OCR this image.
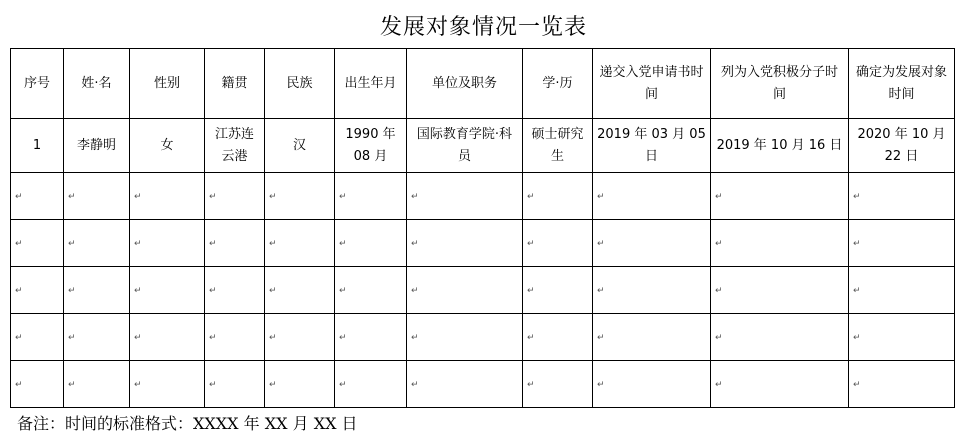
发展对象情况一览表
序号	姓·名	性别	籍贯	民族	出生年月	单位及职务	学·历	递交入党申请书时间	列为入党积极分子时间	确定为发展对象时间
1	李静明	女	江苏连云港	汉	1990 年 08 月	国际教育学院·科员	硕士研究生	2019 年 03 月 05 日	2019 年 10 月 16 日	2020 年 10 月 22 日
↵	↵	↵	↵	↵	↵	↵	↵	↵	↵	↵
↵	↵	↵	↵	↵	↵	↵	↵	↵	↵	↵
↵	↵	↵	↵	↵	↵	↵	↵	↵	↵	↵
↵	↵	↵	↵	↵	↵	↵	↵	↵	↵	↵
↵	↵	↵	↵	↵	↵	↵	↵	↵	↵	↵
备注：时间的标准格式：XXXX 年 XX 月 XX 日
